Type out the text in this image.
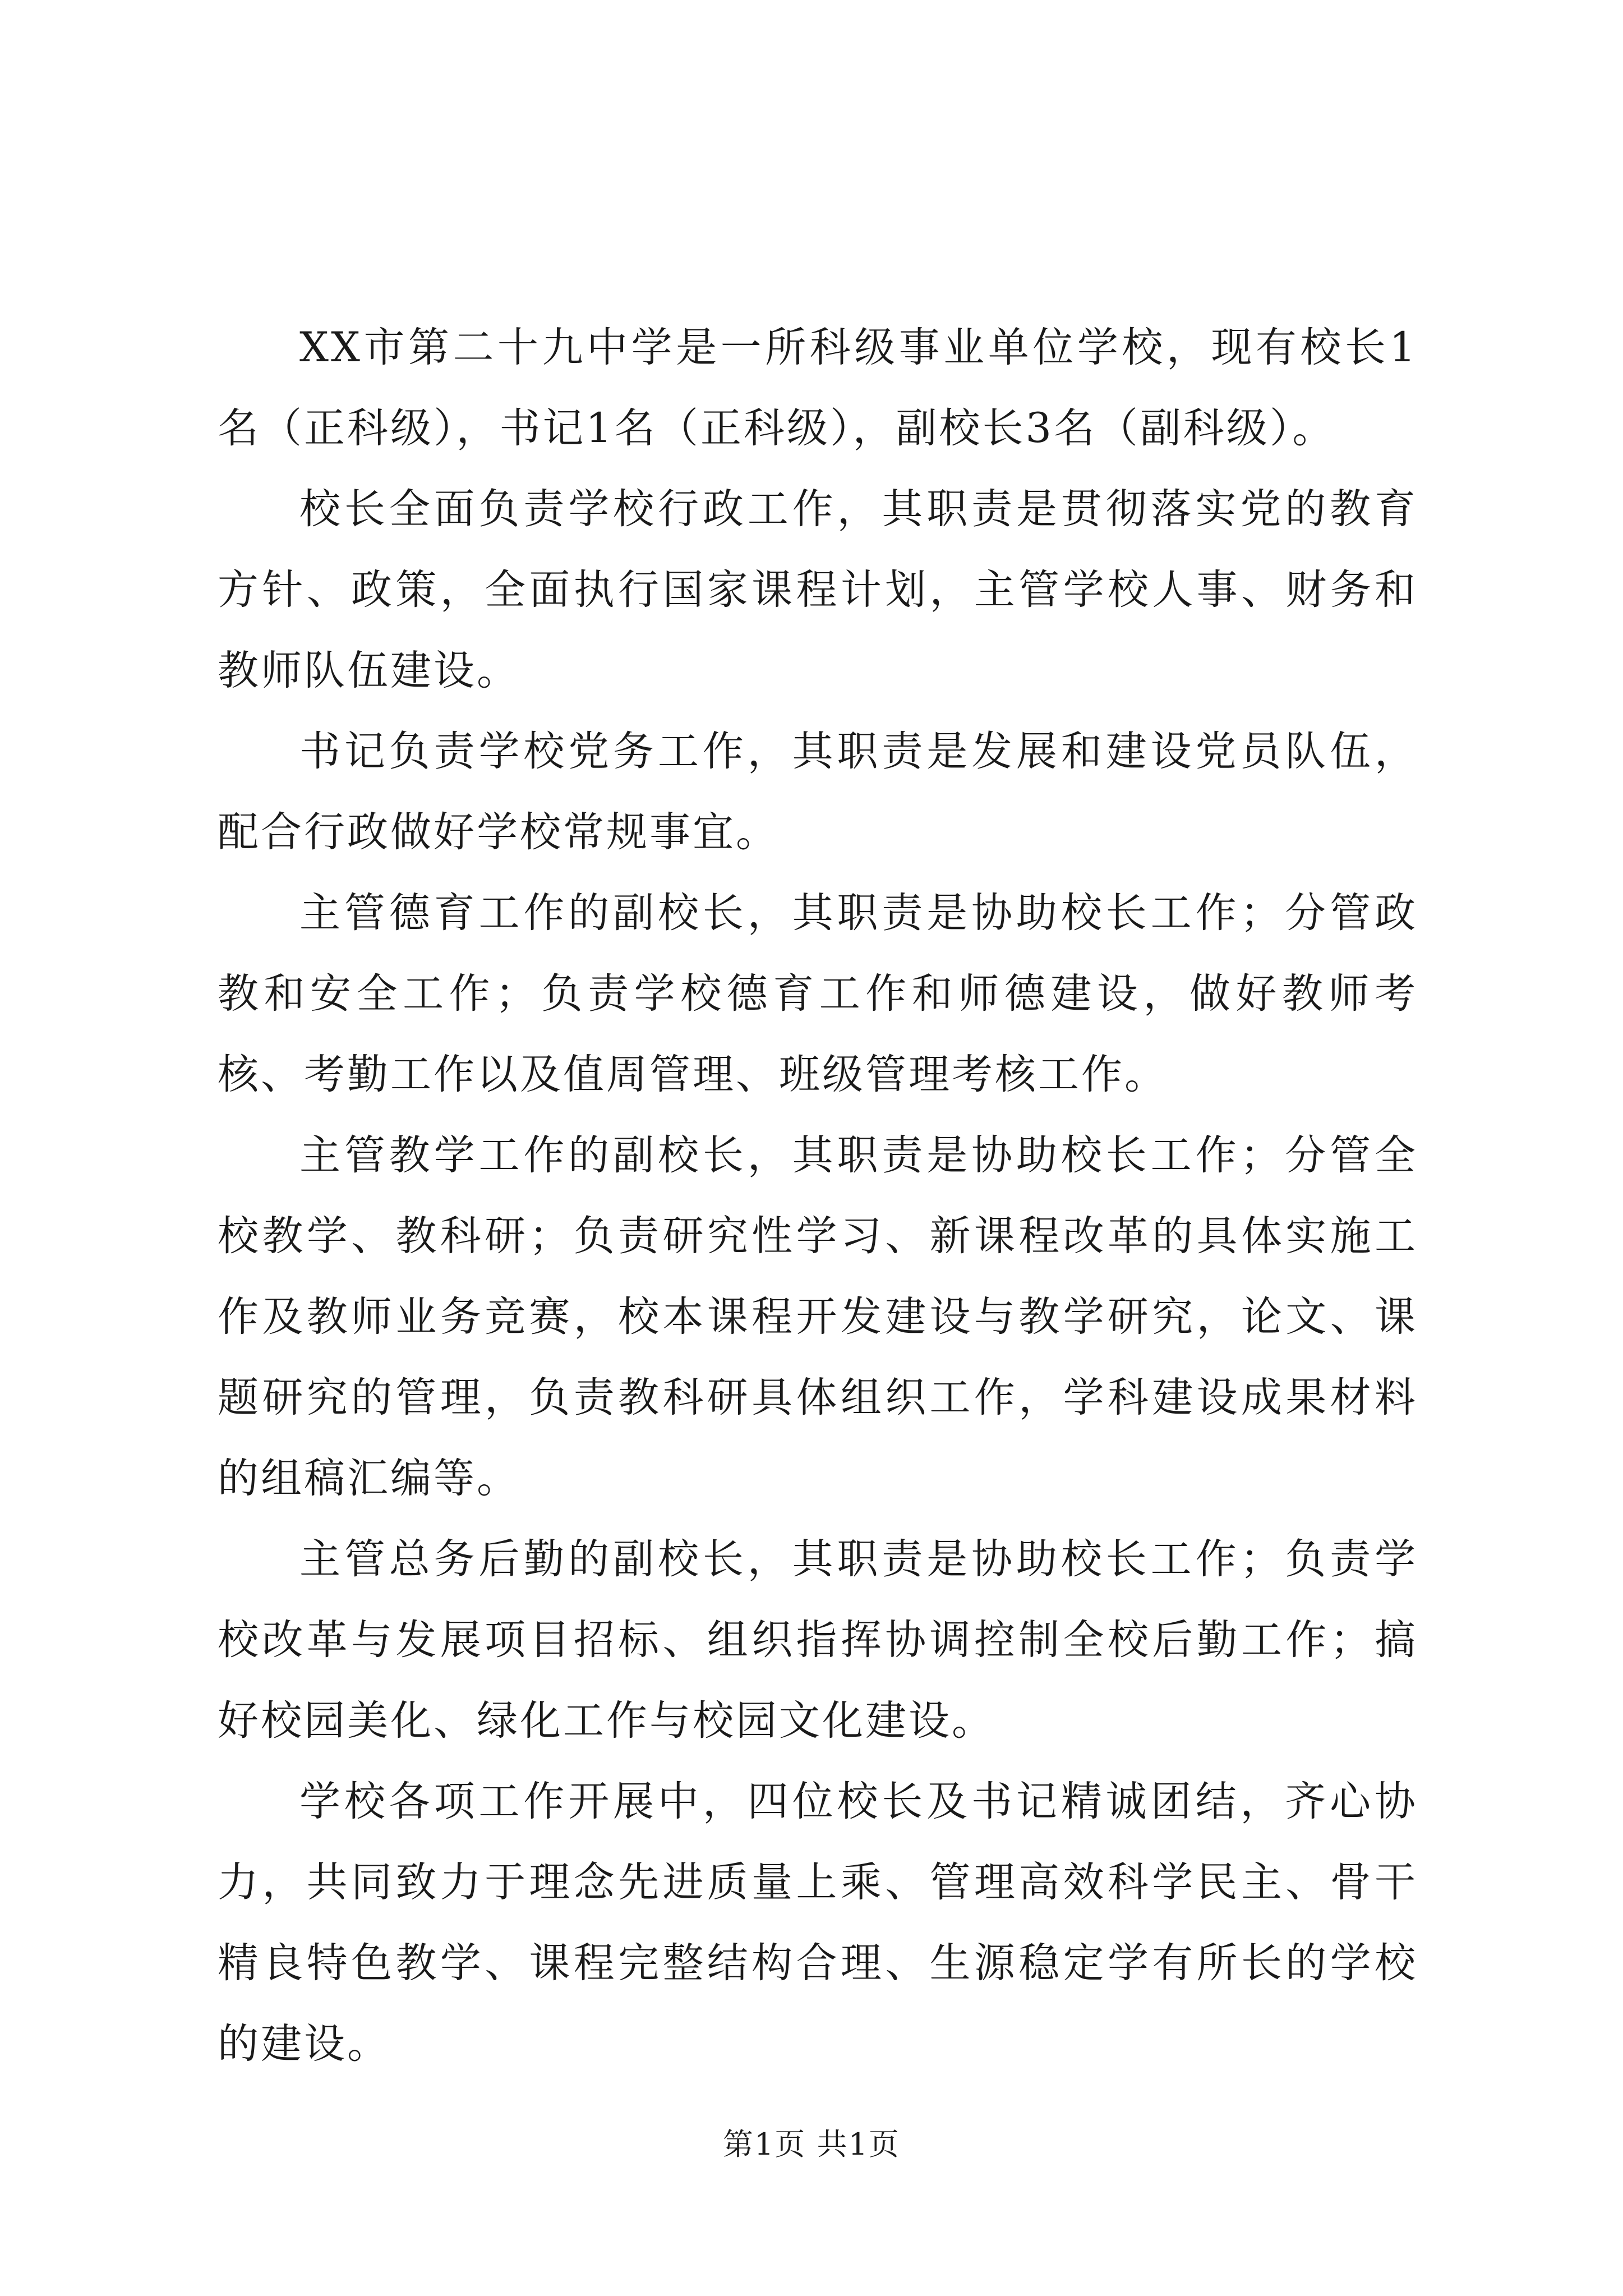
XX市第二十九中学是一所科级事业单位学校，现有校长1名（正科级），书记1名（正科级），副校长3名（副科级）。

校长全面负责学校行政工作，其职责是贯彻落实党的教育方针、政策，全面执行国家课程计划，主管学校人事、财务和教师队伍建设。

书记负责学校党务工作，其职责是发展和建设党员队伍，配合行政做好学校常规事宜。

主管德育工作的副校长，其职责是协助校长工作；分管政教和安全工作；负责学校德育工作和师德建设，做好教师考核、考勤工作以及值周管理、班级管理考核工作。

主管教学工作的副校长，其职责是协助校长工作；分管全校教学、教科研；负责研究性学习、新课程改革的具体实施工作及教师业务竞赛，校本课程开发建设与教学研究，论文、课题研究的管理，负责教科研具体组织工作，学科建设成果材料的组稿汇编等。

主管总务后勤的副校长，其职责是协助校长工作；负责学校改革与发展项目招标、组织指挥协调控制全校后勤工作；搞好校园美化、绿化工作与校园文化建设。

学校各项工作开展中，四位校长及书记精诚团结，齐心协力，共同致力于理念先进质量上乘、管理高效科学民主、骨干精良特色教学、课程完整结构合理、生源稳定学有所长的学校的建设。

第1页 共1页
